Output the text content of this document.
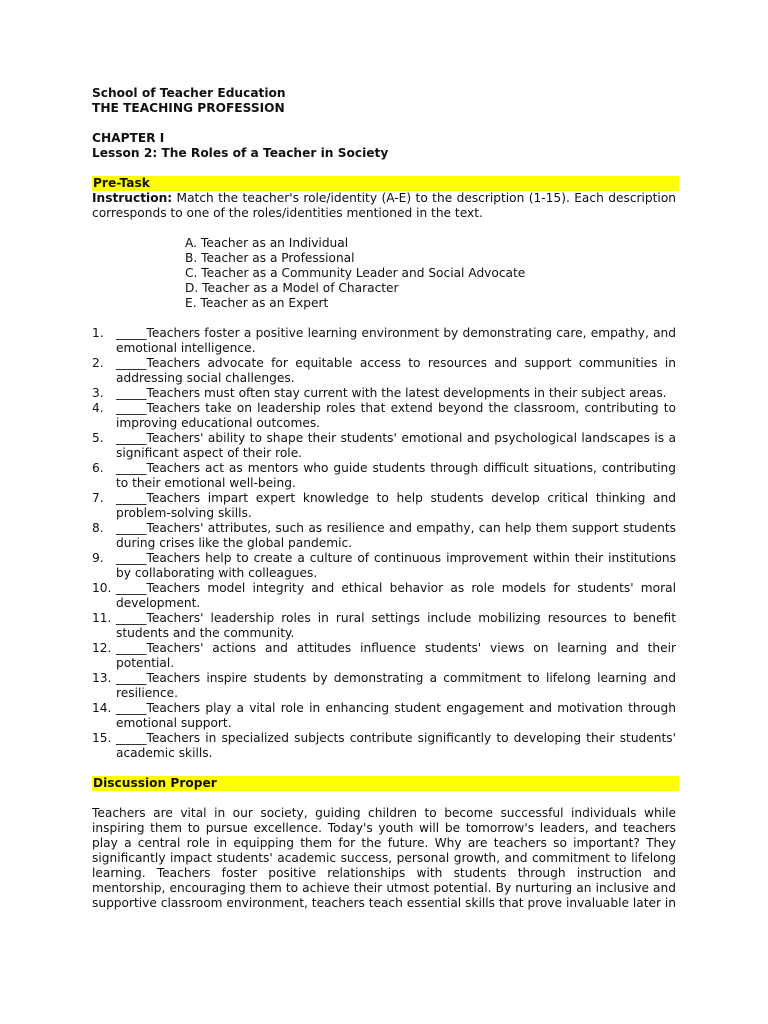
School of Teacher Education
THE TEACHING PROFESSION
CHAPTER I
Lesson 2: The Roles of a Teacher in Society
Pre-Task
Instruction: Match the teacher's role/identity (A-E) to the description (1-15). Each description corresponds to one of the roles/identities mentioned in the text.
A. Teacher as an Individual
B. Teacher as a Professional
C. Teacher as a Community Leader and Social Advocate
D. Teacher as a Model of Character
E. Teacher as an Expert
1. _____Teachers foster a positive learning environment by demonstrating care, empathy, and emotional intelligence.
2. _____Teachers advocate for equitable access to resources and support communities in addressing social challenges.
3. _____Teachers must often stay current with the latest developments in their subject areas.
4. _____Teachers take on leadership roles that extend beyond the classroom, contributing to improving educational outcomes.
5. _____Teachers' ability to shape their students' emotional and psychological landscapes is a significant aspect of their role.
6. _____Teachers act as mentors who guide students through difficult situations, contributing to their emotional well-being.
7. _____Teachers impart expert knowledge to help students develop critical thinking and problem-solving skills.
8. _____Teachers' attributes, such as resilience and empathy, can help them support students during crises like the global pandemic.
9. _____Teachers help to create a culture of continuous improvement within their institutions by collaborating with colleagues.
10. _____Teachers model integrity and ethical behavior as role models for students' moral development.
11. _____Teachers' leadership roles in rural settings include mobilizing resources to benefit students and the community.
12. _____Teachers' actions and attitudes influence students' views on learning and their potential.
13. _____Teachers inspire students by demonstrating a commitment to lifelong learning and resilience.
14. _____Teachers play a vital role in enhancing student engagement and motivation through emotional support.
15. _____Teachers in specialized subjects contribute significantly to developing their students' academic skills.
Discussion Proper
Teachers are vital in our society, guiding children to become successful individuals while inspiring them to pursue excellence. Today's youth will be tomorrow's leaders, and teachers play a central role in equipping them for the future. Why are teachers so important? They significantly impact students' academic success, personal growth, and commitment to lifelong learning. Teachers foster positive relationships with students through instruction and mentorship, encouraging them to achieve their utmost potential. By nurturing an inclusive and supportive classroom environment, teachers teach essential skills that prove invaluable later in
